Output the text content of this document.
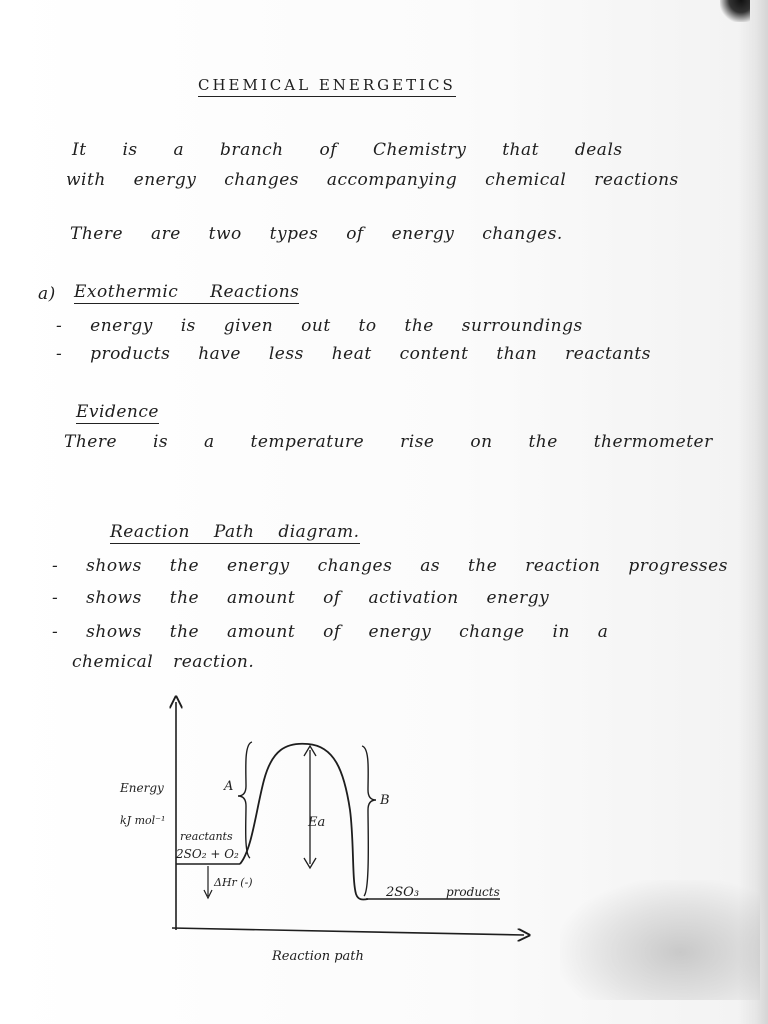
CHEMICAL ENERGETICS
It is a branch of Chemistry that deals
with energy changes accompanying chemical reactions
There are two types of energy changes.
a) Exothermic Reactions
- energy is given out to the surroundings
- products have less heat content than reactants
Evidence
There is a temperature rise on the thermometer
Reaction Path diagram.
- shows the energy changes as the reaction progresses
- shows the amount of activation energy
- shows the amount of energy change in a
chemical reaction.
Energy
kJ mol⁻¹
Reaction path
reactants
2SO₂ + O₂
2SO₃ products
A
B
Ea
ΔHr (-)
